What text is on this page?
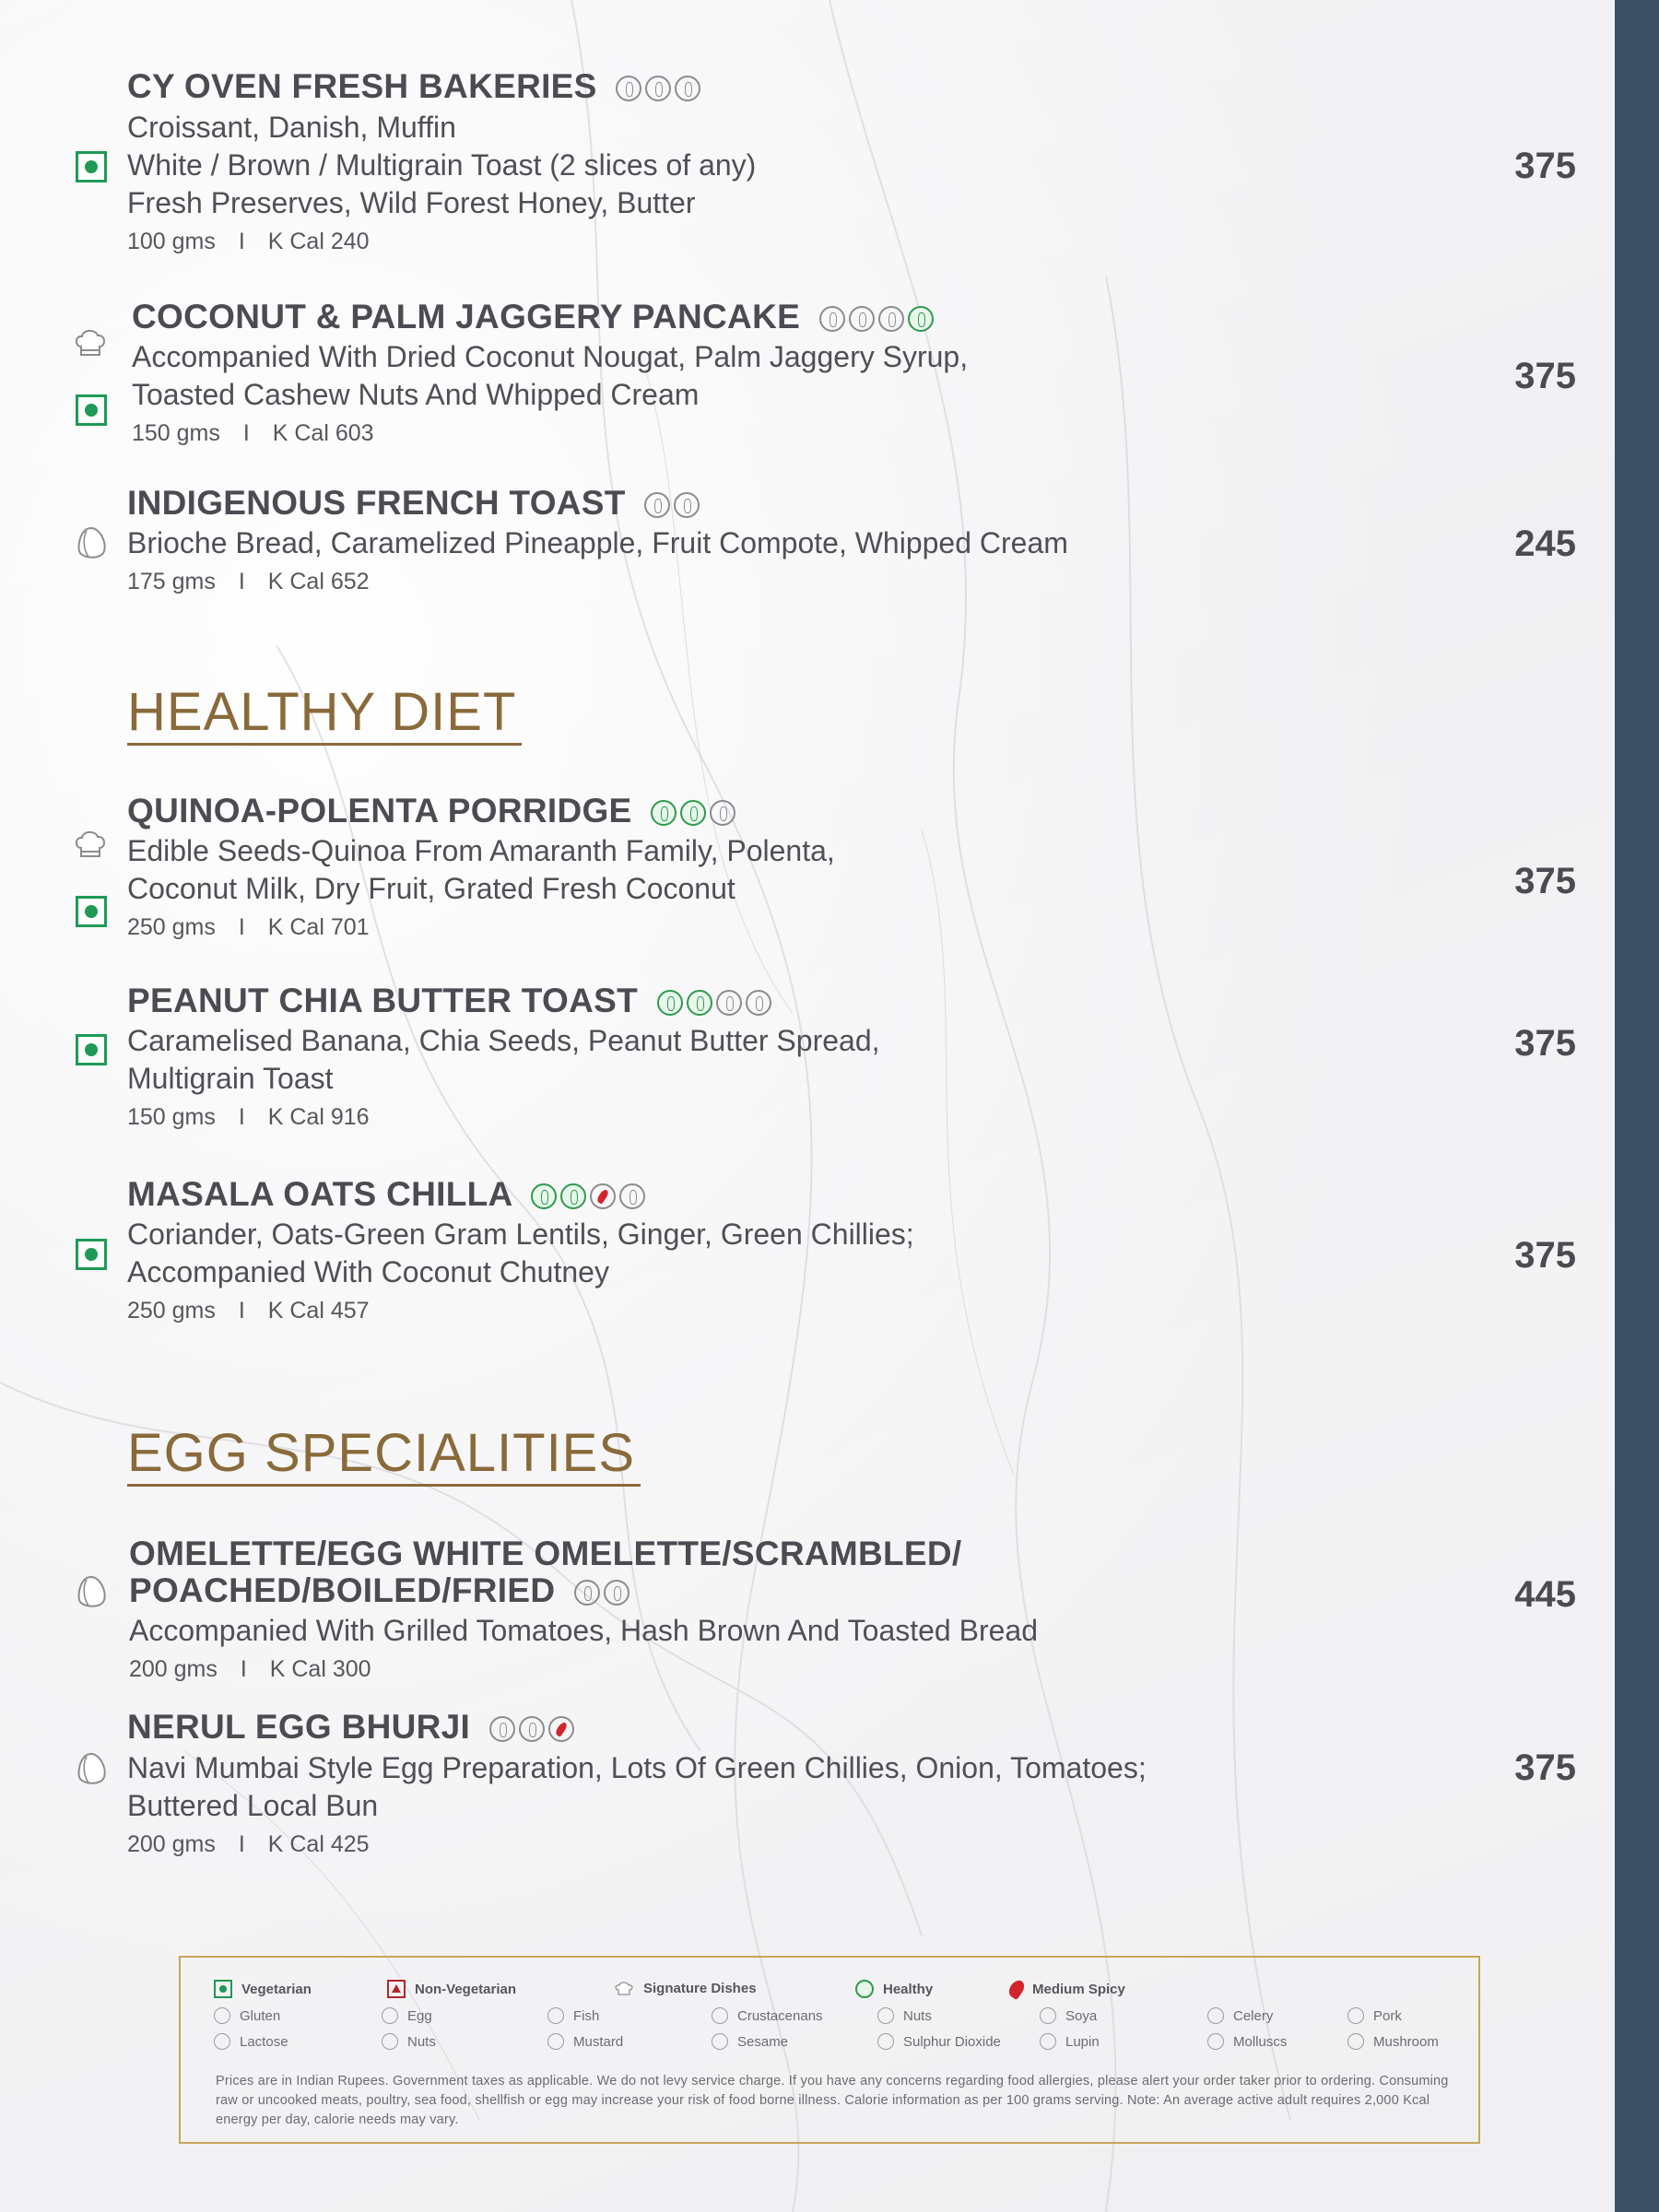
CY OVEN FRESH BAKERIES
Croissant, Danish, Muffin
White / Brown / Multigrain Toast (2 slices of any)
Fresh Preserves, Wild Forest Honey, Butter
100 gms I K Cal 240
375
COCONUT & PALM JAGGERY PANCAKE
Accompanied With Dried Coconut Nougat, Palm Jaggery Syrup,
Toasted Cashew Nuts And Whipped Cream
150 gms I K Cal 603
375
INDIGENOUS FRENCH TOAST
Brioche Bread, Caramelized Pineapple, Fruit Compote, Whipped Cream
175 gms I K Cal 652
245
HEALTHY DIET
QUINOA-POLENTA PORRIDGE
Edible Seeds-Quinoa From Amaranth Family, Polenta,
Coconut Milk, Dry Fruit, Grated Fresh Coconut
250 gms I K Cal 701
375
PEANUT CHIA BUTTER TOAST
Caramelised Banana, Chia Seeds, Peanut Butter Spread,
Multigrain Toast
150 gms I K Cal 916
375
MASALA OATS CHILLA
Coriander, Oats-Green Gram Lentils, Ginger, Green Chillies;
Accompanied With Coconut Chutney
250 gms I K Cal 457
375
EGG SPECIALITIES
OMELETTE/EGG WHITE OMELETTE/SCRAMBLED/
POACHED/BOILED/FRIED
Accompanied With Grilled Tomatoes, Hash Brown And Toasted Bread
200 gms I K Cal 300
445
NERUL EGG BHURJI
Navi Mumbai Style Egg Preparation, Lots Of Green Chillies, Onion, Tomatoes;
Buttered Local Bun
200 gms I K Cal 425
375
Vegetarian	Non-Vegetarian	Signature Dishes	Healthy	Medium Spicy
Gluten	Egg	Fish	Crustacenans	Nuts	Soya	Celery	Pork
Lactose	Nuts	Mustard	Sesame	Sulphur Dioxide	Lupin	Molluscs	Mushroom
Prices are in Indian Rupees. Government taxes as applicable. We do not levy service charge. If you have any concerns regarding food allergies, please alert your order taker prior to ordering. Consuming raw or uncooked meats, poultry, sea food, shellfish or egg may increase your risk of food borne illness. Calorie information as per 100 grams serving. Note: An average active adult requires 2,000 Kcal energy per day, calorie needs may vary.
